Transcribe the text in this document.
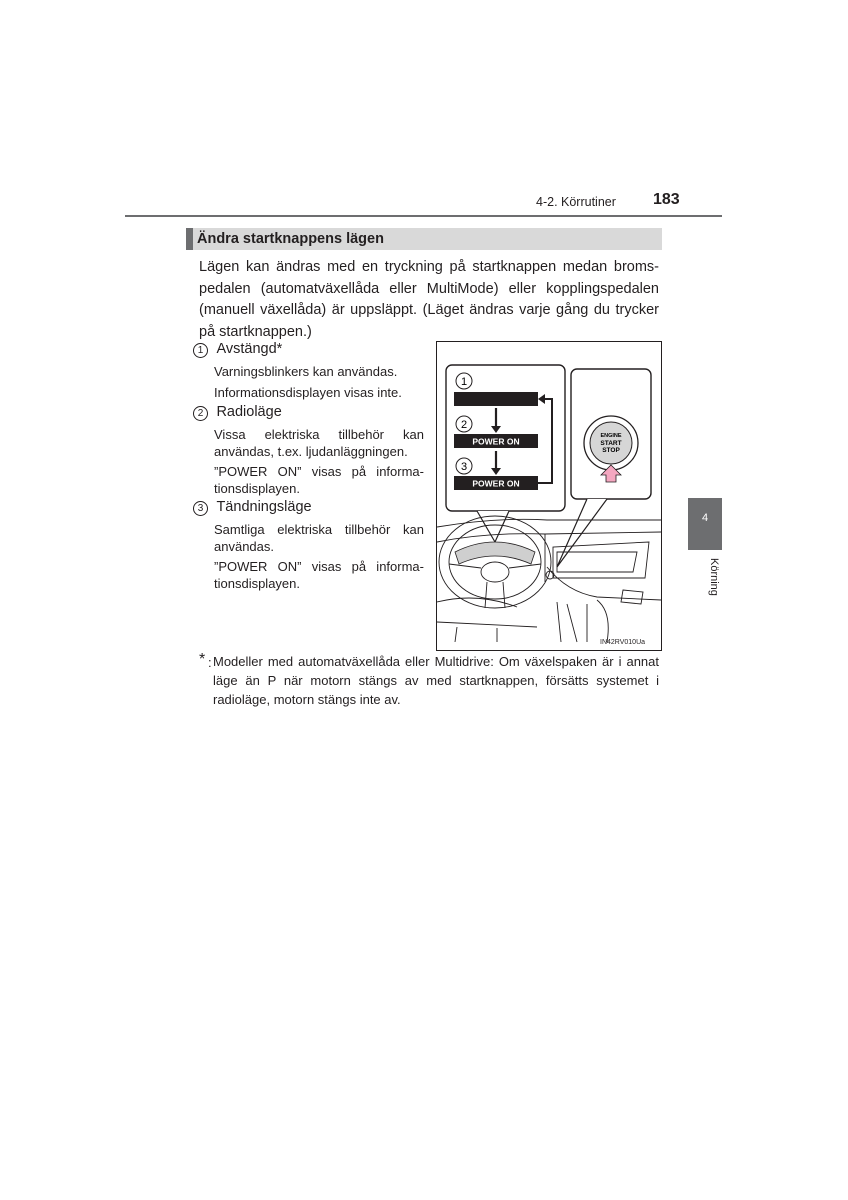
4-2. Körrutiner 183
Ändra startknappens lägen

Lägen kan ändras med en tryckning på startknappen medan broms-

pedalen (automatväxellåda eller MultiMode) eller kopplingspedalen

(manuell växellåda) är uppsläppt. (Läget ändras varje gång du trycker

på startknappen.)

1 Avstängd*
Varningsblinkers kan användas.
Informationsdisplayen visas inte.
2 Radioläge
Vissa elektriska tillbehör kan
användas, t.ex. ljudanläggningen.
”POWER ON” visas på informa-
tionsdisplayen.
3 Tändningsläge
Samtliga elektriska tillbehör kan
användas.
”POWER ON” visas på informa-
tionsdisplayen.
1
2
POWER ON
3
POWER ON
ENGINE
START
STOP
IN42RV010Ua
* : Modeller med automatväxellåda eller Multidrive: Om växelspaken är i annat läge än P när motorn stängs av med startknappen, försätts systemet i radioläge, motorn stängs inte av.
4
Körning
